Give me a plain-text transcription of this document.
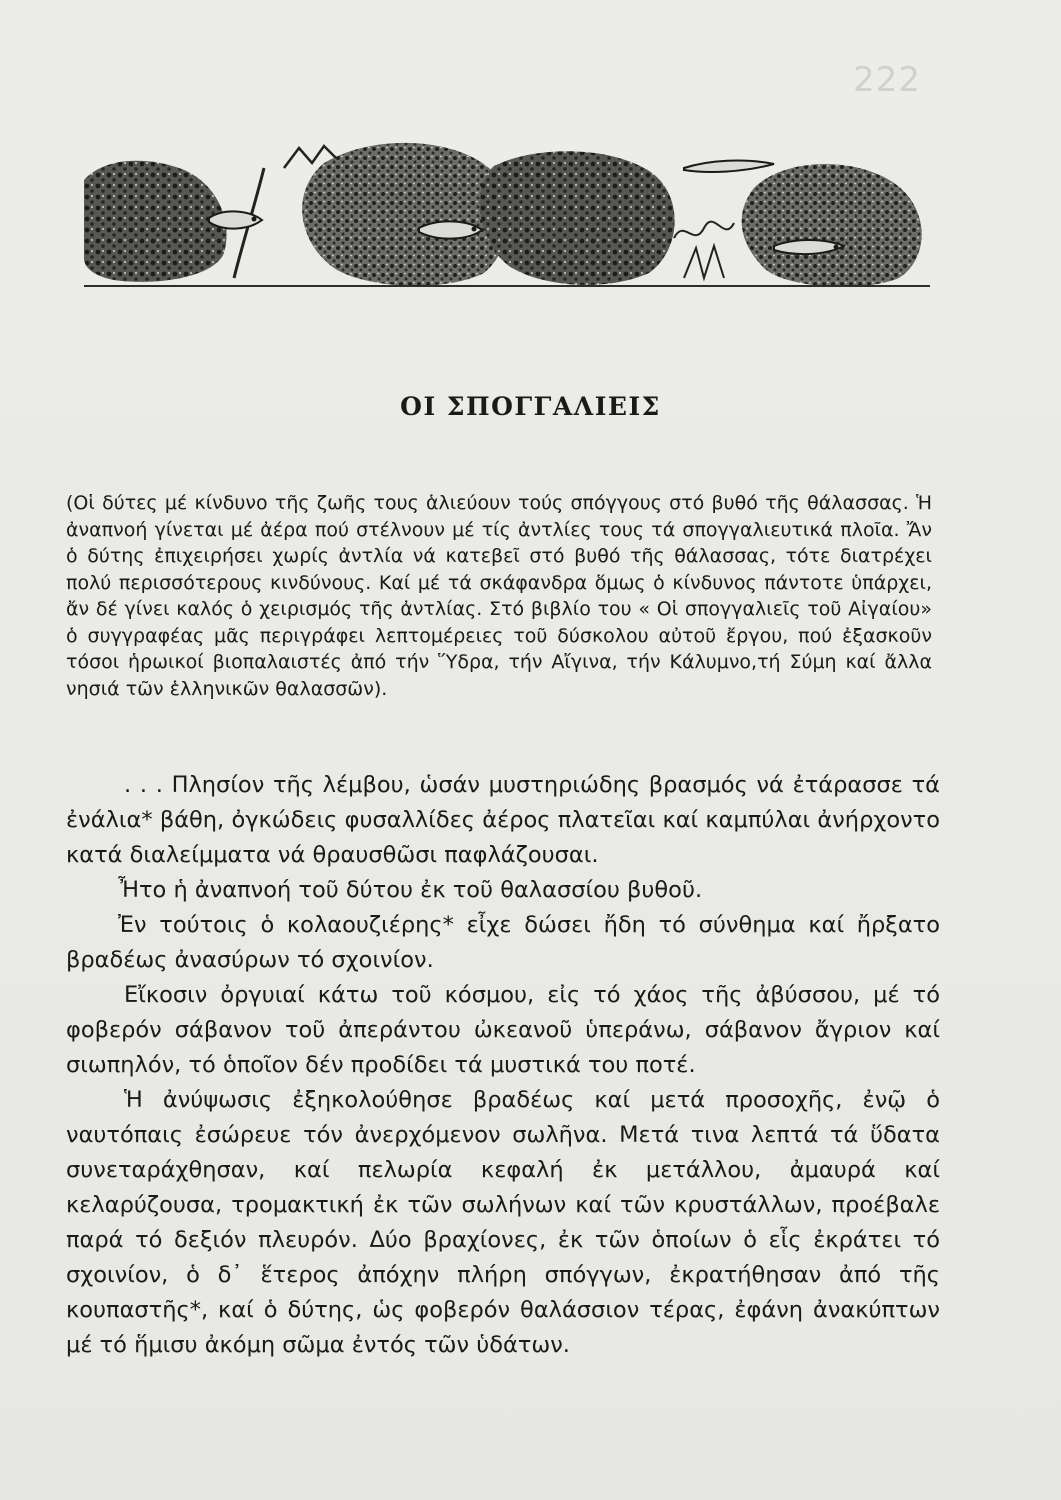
222
ΟΙ ΣΠΟΓΓΑΛΙΕΙΣ

(Οἱ δύτες μέ κίνδυνο τῆς ζωῆς τους ἁλιεύουν τούς σπόγγους στό βυθό τῆς θάλασσας. Ἡ ἀναπνοή γίνεται μέ ἀέρα πού στέλνουν μέ τίς ἀντλίες τους τά σπογγαλιευτικά πλοῖα. Ἄν ὁ δύτης ἐπιχειρήσει χωρίς ἀντλία νά κατεβεῖ στό βυθό τῆς θάλασσας, τότε διατρέχει πολύ περισσότερους κινδύνους. Καί μέ τά σκάφανδρα ὅμως ὁ κίνδυνος πάντοτε ὑπάρχει, ἄν δέ γίνει καλός ὁ χειρισμός τῆς ἀντλίας. Στό βιβλίο του « Οἱ σπογγαλιεῖς τοῦ Αἰγαίου» ὁ συγγραφέας μᾶς περιγράφει λεπτομέρειες τοῦ δύσκολου αὐτοῦ ἔργου, πού ἐξασκοῦν τόσοι ἡρωικοί βιοπαλαιστές ἀπό τήν Ὕδρα, τήν Αἴγινα, τήν Κάλυμνο,τή Σύμη καί ἄλλα νησιά τῶν ἑλληνικῶν θαλασσῶν).

. . . Πλησίον τῆς λέμβου, ὡσάν μυστηριώδης βρασμός νά ἐτάρασσε τά ἐνάλια* βάθη, ὀγκώδεις φυσαλλίδες ἀέρος πλατεῖαι καί καμπύλαι ἀνήρχοντο κατά διαλείμματα νά θραυσθῶσι παφλάζουσαι.

Ἦτο ἡ ἀναπνοή τοῦ δύτου ἐκ τοῦ θαλασσίου βυθοῦ.

Ἐν τούτοις ὁ κολαουζιέρης* εἶχε δώσει ἤδη τό σύνθημα καί ἤρξατο βραδέως ἀνασύρων τό σχοινίον.

Εἴκοσιν ὀργυιαί κάτω τοῦ κόσμου, εἰς τό χάος τῆς ἀβύσσου, μέ τό φοβερόν σάβανον τοῦ ἀπεράντου ὠκεανοῦ ὑπεράνω, σάβανον ἄγριον καί σιωπηλόν, τό ὁποῖον δέν προδίδει τά μυστικά του ποτέ.

Ἡ ἀνύψωσις ἐξηκολούθησε βραδέως καί μετά προσοχῆς, ἐνῷ ὁ ναυτόπαις ἐσώρευε τόν ἀνερχόμενον σωλῆνα. Μετά τινα λεπτά τά ὕδατα συνεταράχθησαν, καί πελωρία κεφαλή ἐκ μετάλλου, ἀμαυρά καί κελαρύζουσα, τρομακτική ἐκ τῶν σωλήνων καί τῶν κρυστάλλων, προέβαλε παρά τό δεξιόν πλευρόν. Δύο βραχίονες, ἐκ τῶν ὁποίων ὁ εἷς ἐκράτει τό σχοινίον, ὁ δ᾽ ἕτερος ἀπόχην πλήρη σπόγγων, ἐκρατήθησαν ἀπό τῆς κουπαστῆς*, καί ὁ δύτης, ὡς φοβερόν θαλάσσιον τέρας, ἐφάνη ἀνακύπτων μέ τό ἥμισυ ἀκόμη σῶμα ἐντός τῶν ὑδάτων.
